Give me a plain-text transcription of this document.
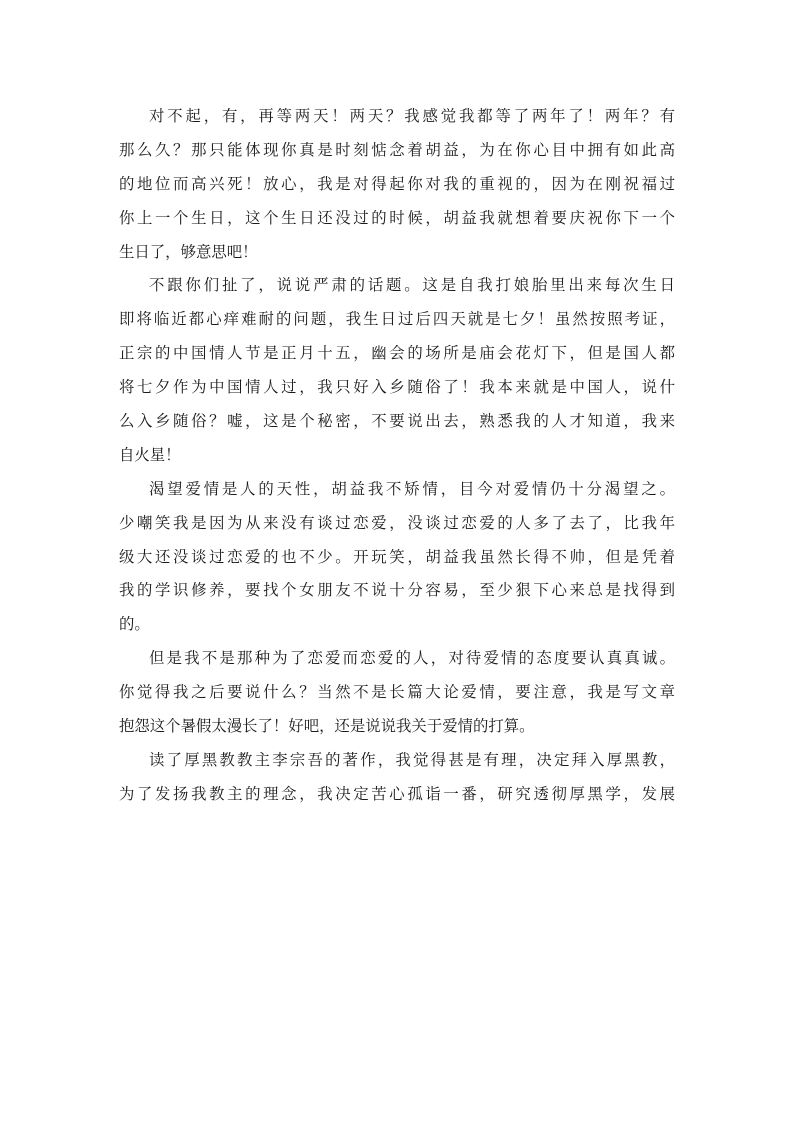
对不起，有，再等两天！两天？我感觉我都等了两年了！两年？有
那么久？那只能体现你真是时刻惦念着胡益，为在你心目中拥有如此高
的地位而高兴死！放心，我是对得起你对我的重视的，因为在刚祝福过
你上一个生日，这个生日还没过的时候，胡益我就想着要庆祝你下一个
生日了，够意思吧！
不跟你们扯了，说说严肃的话题。这是自我打娘胎里出来每次生日
即将临近都心痒难耐的问题，我生日过后四天就是七夕！虽然按照考证，
正宗的中国情人节是正月十五，幽会的场所是庙会花灯下，但是国人都
将七夕作为中国情人过，我只好入乡随俗了！我本来就是中国人，说什
么入乡随俗？嘘，这是个秘密，不要说出去，熟悉我的人才知道，我来
自火星！
渴望爱情是人的天性，胡益我不矫情，目今对爱情仍十分渴望之。
少嘲笑我是因为从来没有谈过恋爱，没谈过恋爱的人多了去了，比我年
级大还没谈过恋爱的也不少。开玩笑，胡益我虽然长得不帅，但是凭着
我的学识修养，要找个女朋友不说十分容易，至少狠下心来总是找得到
的。
但是我不是那种为了恋爱而恋爱的人，对待爱情的态度要认真真诚。
你觉得我之后要说什么？当然不是长篇大论爱情，要注意，我是写文章
抱怨这个暑假太漫长了！好吧，还是说说我关于爱情的打算。
读了厚黑教教主李宗吾的著作，我觉得甚是有理，决定拜入厚黑教，
为了发扬我教主的理念，我决定苦心孤诣一番，研究透彻厚黑学，发展
